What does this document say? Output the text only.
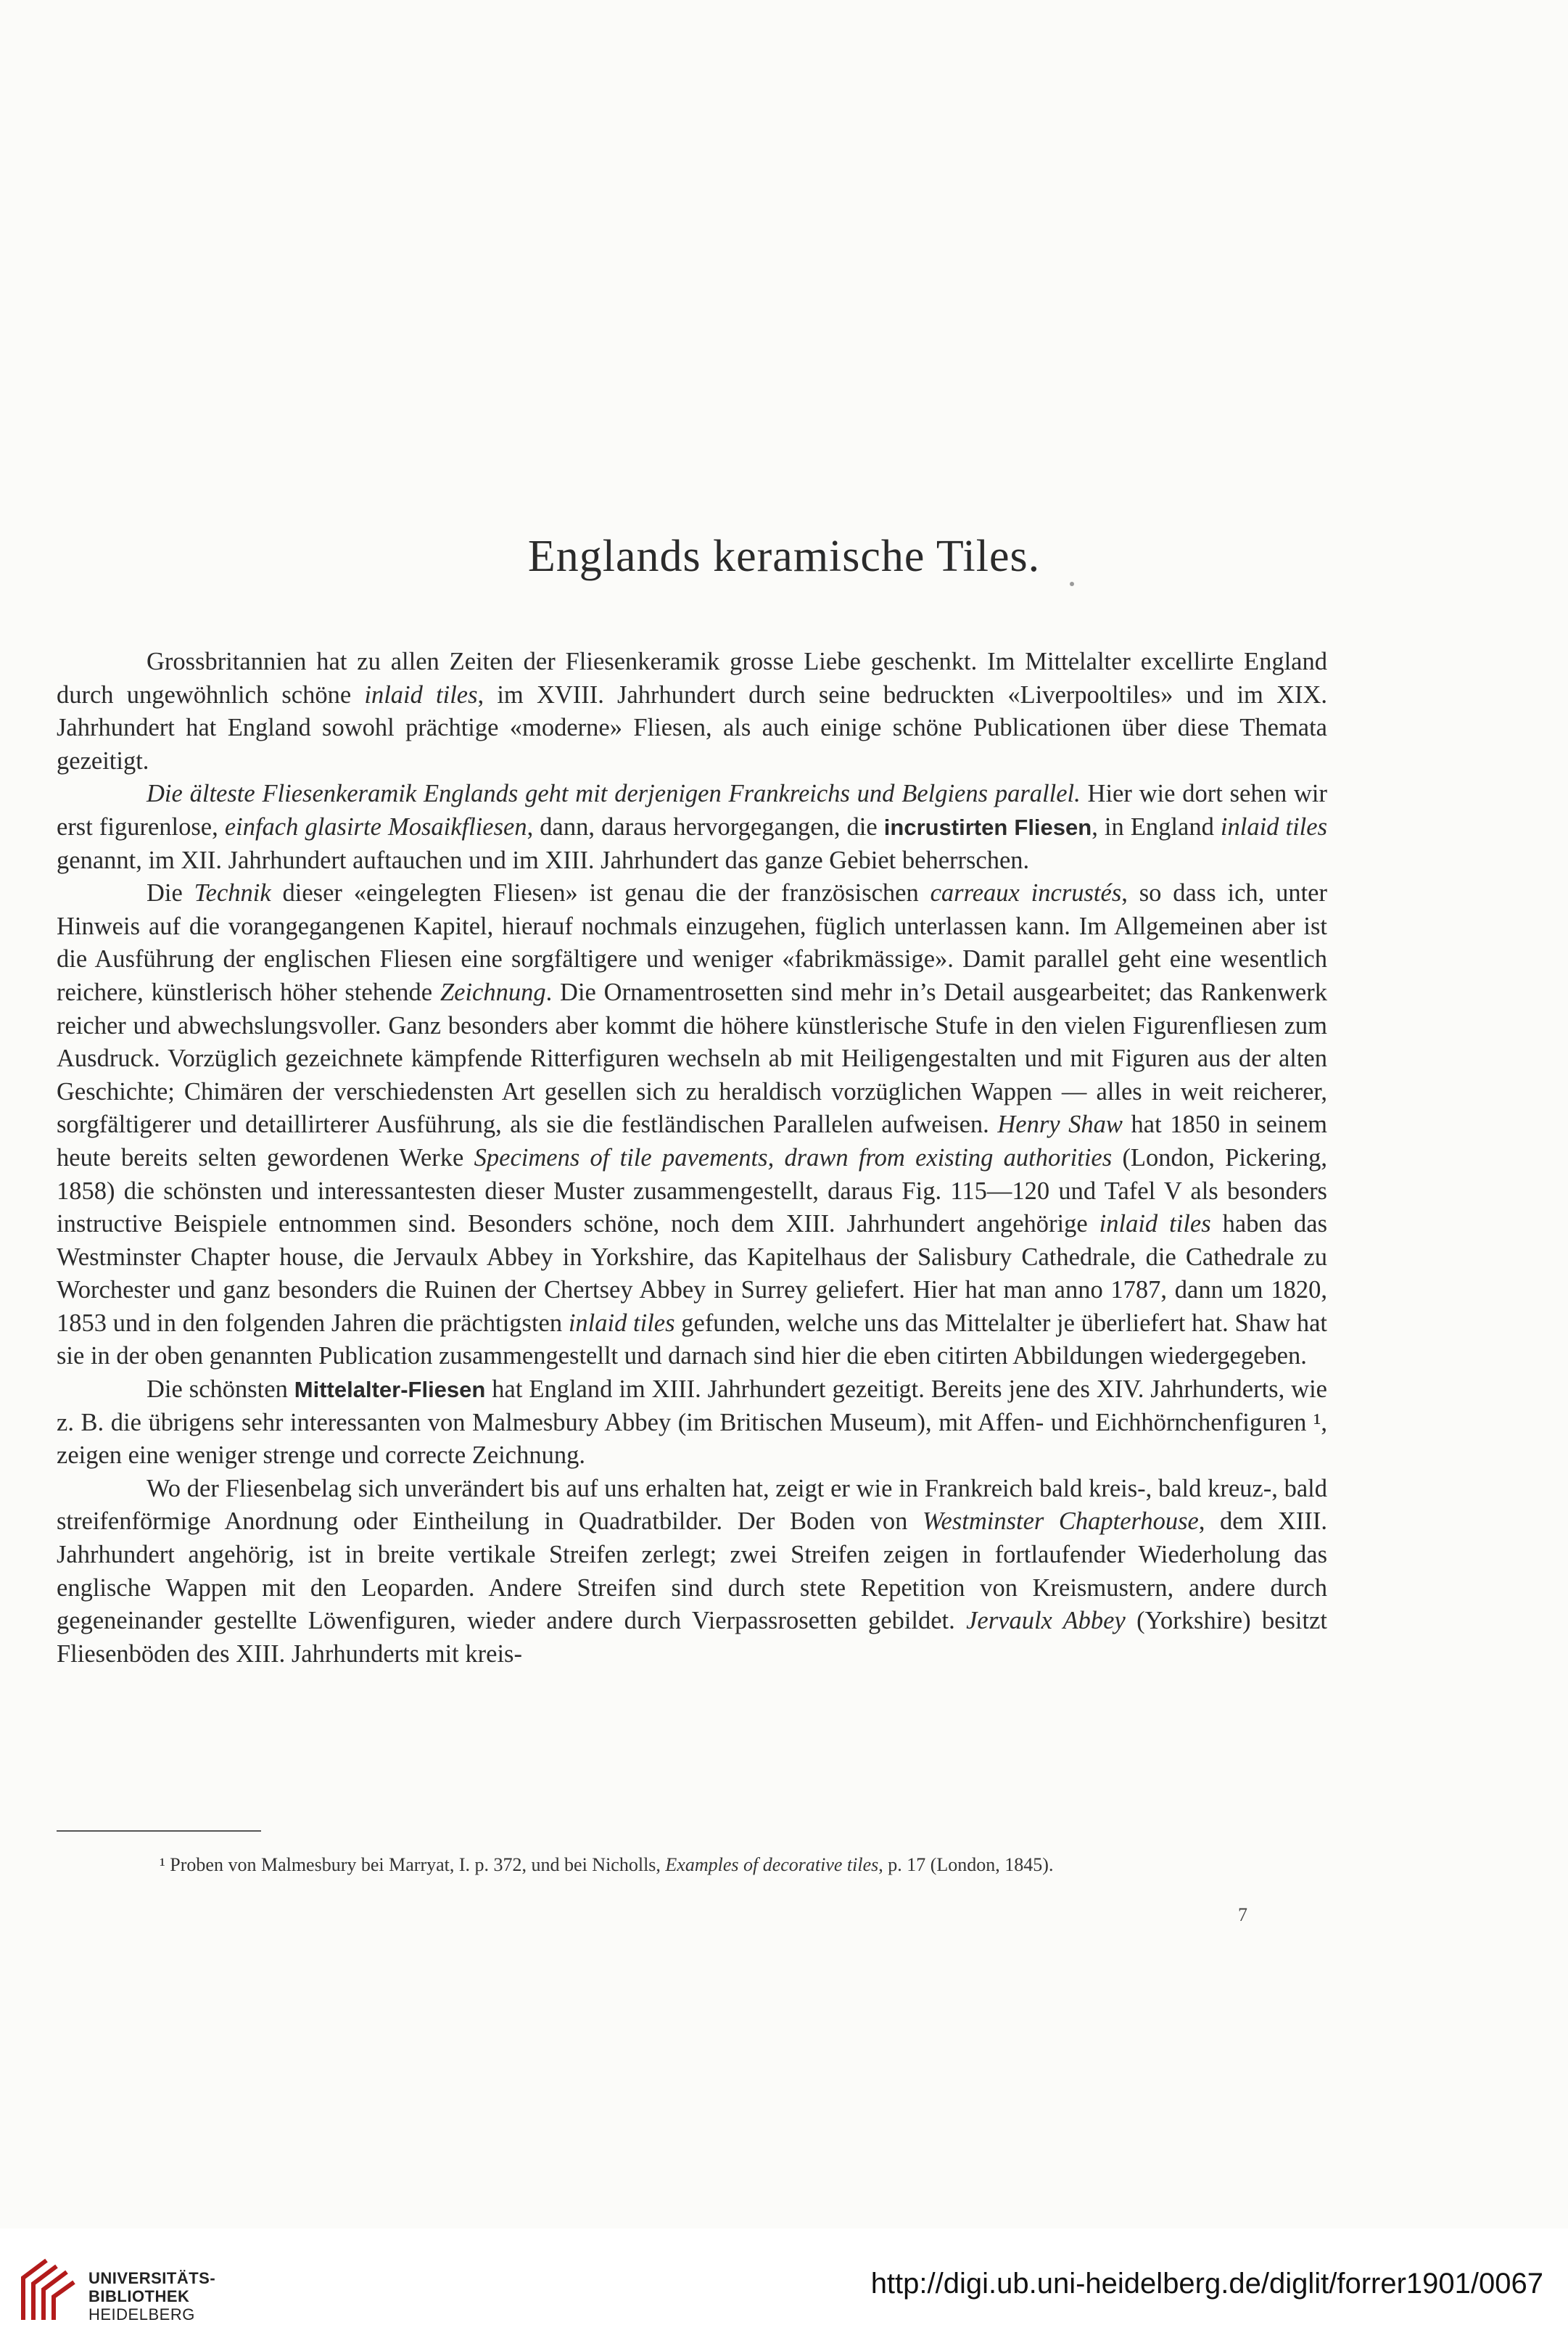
Englands keramische Tiles.

Grossbritannien hat zu allen Zeiten der Fliesenkeramik grosse Liebe geschenkt. Im Mittelalter excellirte England durch ungewöhnlich schöne inlaid tiles, im XVIII. Jahrhundert durch seine bedruckten «Liverpooltiles» und im XIX. Jahrhundert hat England sowohl prächtige «moderne» Fliesen, als auch einige schöne Publicationen über diese Themata gezeitigt.

Die älteste Fliesenkeramik Englands geht mit derjenigen Frankreichs und Belgiens parallel. Hier wie dort sehen wir erst figurenlose, einfach glasirte Mosaikfliesen, dann, daraus hervorgegangen, die incrustirten Fliesen, in England inlaid tiles genannt, im XII. Jahrhundert auftauchen und im XIII. Jahrhundert das ganze Gebiet beherrschen.

Die Technik dieser «eingelegten Fliesen» ist genau die der französischen carreaux incrustés, so dass ich, unter Hinweis auf die vorangegangenen Kapitel, hierauf nochmals einzugehen, füglich unterlassen kann. Im Allgemeinen aber ist die Ausführung der englischen Fliesen eine sorgfältigere und weniger «fabrikmässige». Damit parallel geht eine wesentlich reichere, künstlerisch höher stehende Zeichnung. Die Ornamentrosetten sind mehr in’s Detail ausgearbeitet; das Rankenwerk reicher und abwechslungsvoller. Ganz besonders aber kommt die höhere künstlerische Stufe in den vielen Figurenfliesen zum Ausdruck. Vorzüglich gezeichnete kämpfende Ritterfiguren wechseln ab mit Heiligengestalten und mit Figuren aus der alten Geschichte; Chimären der verschiedensten Art gesellen sich zu heraldisch vorzüglichen Wappen — alles in weit reicherer, sorgfältigerer und detaillirterer Ausführung, als sie die festländischen Parallelen aufweisen. Henry Shaw hat 1850 in seinem heute bereits selten gewordenen Werke Specimens of tile pavements, drawn from existing authorities (London, Pickering, 1858) die schönsten und interessantesten dieser Muster zusammengestellt, daraus Fig. 115—120 und Tafel V als besonders instructive Beispiele entnommen sind. Besonders schöne, noch dem XIII. Jahrhundert angehörige inlaid tiles haben das Westminster Chapter house, die Jervaulx Abbey in Yorkshire, das Kapitelhaus der Salisbury Cathedrale, die Cathedrale zu Worchester und ganz besonders die Ruinen der Chertsey Abbey in Surrey geliefert. Hier hat man anno 1787, dann um 1820, 1853 und in den folgenden Jahren die prächtigsten inlaid tiles gefunden, welche uns das Mittelalter je überliefert hat. Shaw hat sie in der oben genannten Publication zusammengestellt und darnach sind hier die eben citirten Abbildungen wiedergegeben.

Die schönsten Mittelalter-Fliesen hat England im XIII. Jahrhundert gezeitigt. Bereits jene des XIV. Jahrhunderts, wie z. B. die übrigens sehr interessanten von Malmesbury Abbey (im Britischen Museum), mit Affen- und Eichhörnchenfiguren ¹, zeigen eine weniger strenge und correcte Zeichnung.

Wo der Fliesenbelag sich unverändert bis auf uns erhalten hat, zeigt er wie in Frankreich bald kreis-, bald kreuz-, bald streifenförmige Anordnung oder Eintheilung in Quadratbilder. Der Boden von Westminster Chapterhouse, dem XIII. Jahrhundert angehörig, ist in breite vertikale Streifen zerlegt; zwei Streifen zeigen in fortlaufender Wiederholung das englische Wappen mit den Leoparden. Andere Streifen sind durch stete Repetition von Kreismustern, andere durch gegeneinander gestellte Löwenfiguren, wieder andere durch Vierpassrosetten gebildet. Jervaulx Abbey (Yorkshire) besitzt Fliesenböden des XIII. Jahrhunderts mit kreis-

¹ Proben von Malmesbury bei Marryat, I. p. 372, und bei Nicholls, Examples of decorative tiles, p. 17 (London, 1845).
7
UNIVERSITÄTS-
BIBLIOTHEK
HEIDELBERG
http://digi.ub.uni-heidelberg.de/diglit/forrer1901/0067
